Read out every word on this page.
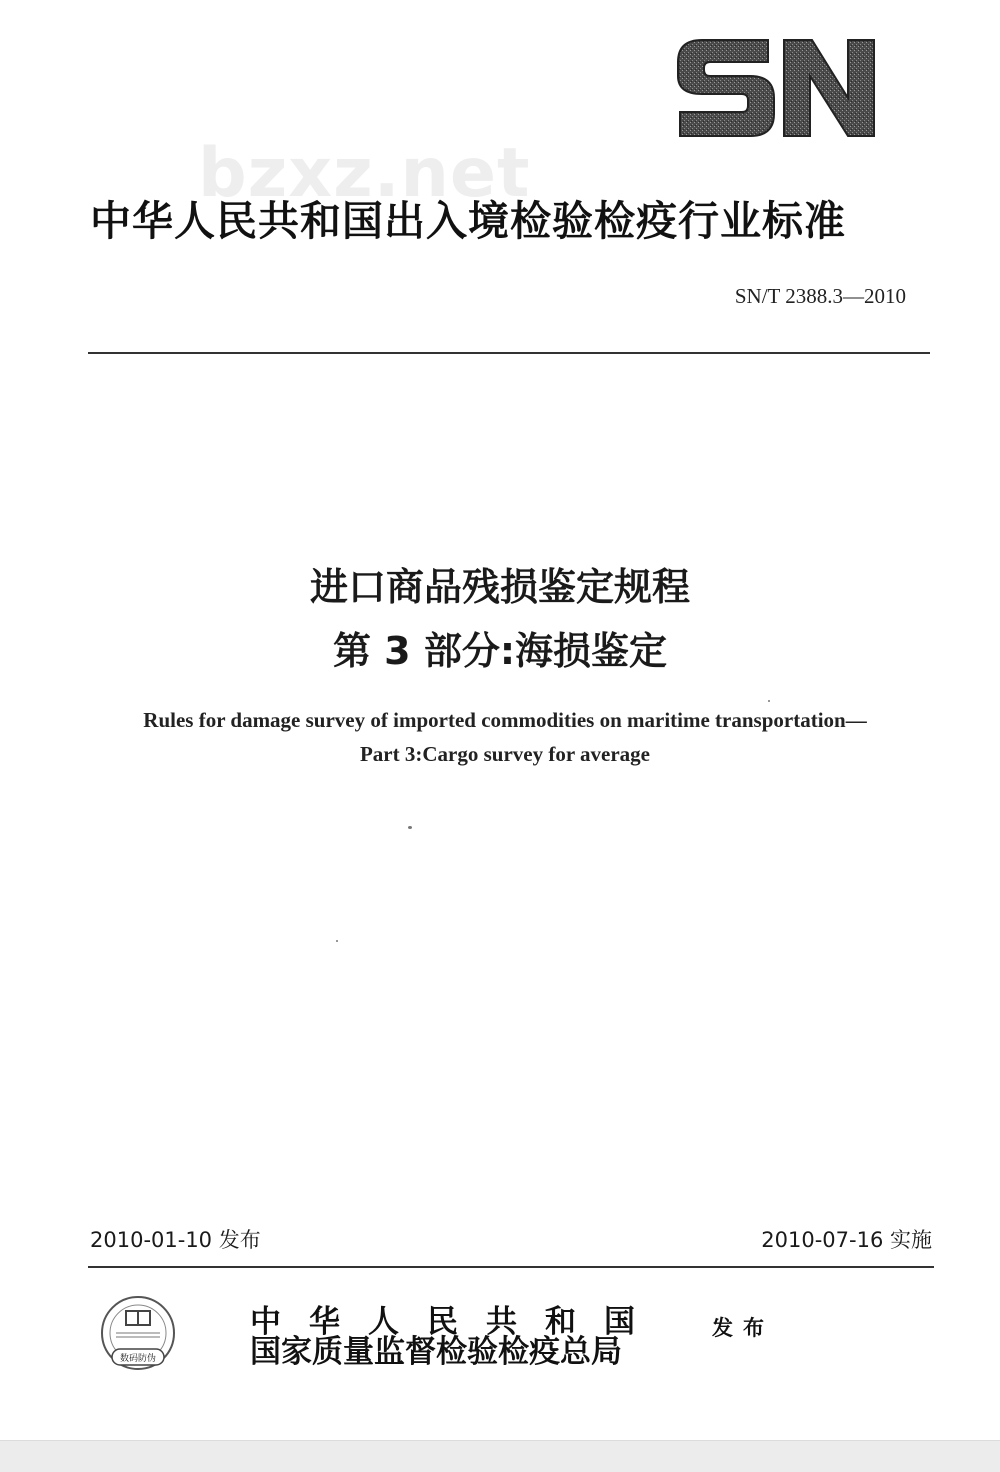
bzxz.net
中华人民共和国出入境检验检疫行业标准
SN/T 2388.3—2010
进口商品残损鉴定规程
第 3 部分:海损鉴定
Rules for damage survey of imported commodities on maritime transportation—
Part 3:Cargo survey for average
2010-01-10 发布	2010-07-16 实施
数码防伪
中华人民共和国
国家质量监督检验检疫总局
发布
